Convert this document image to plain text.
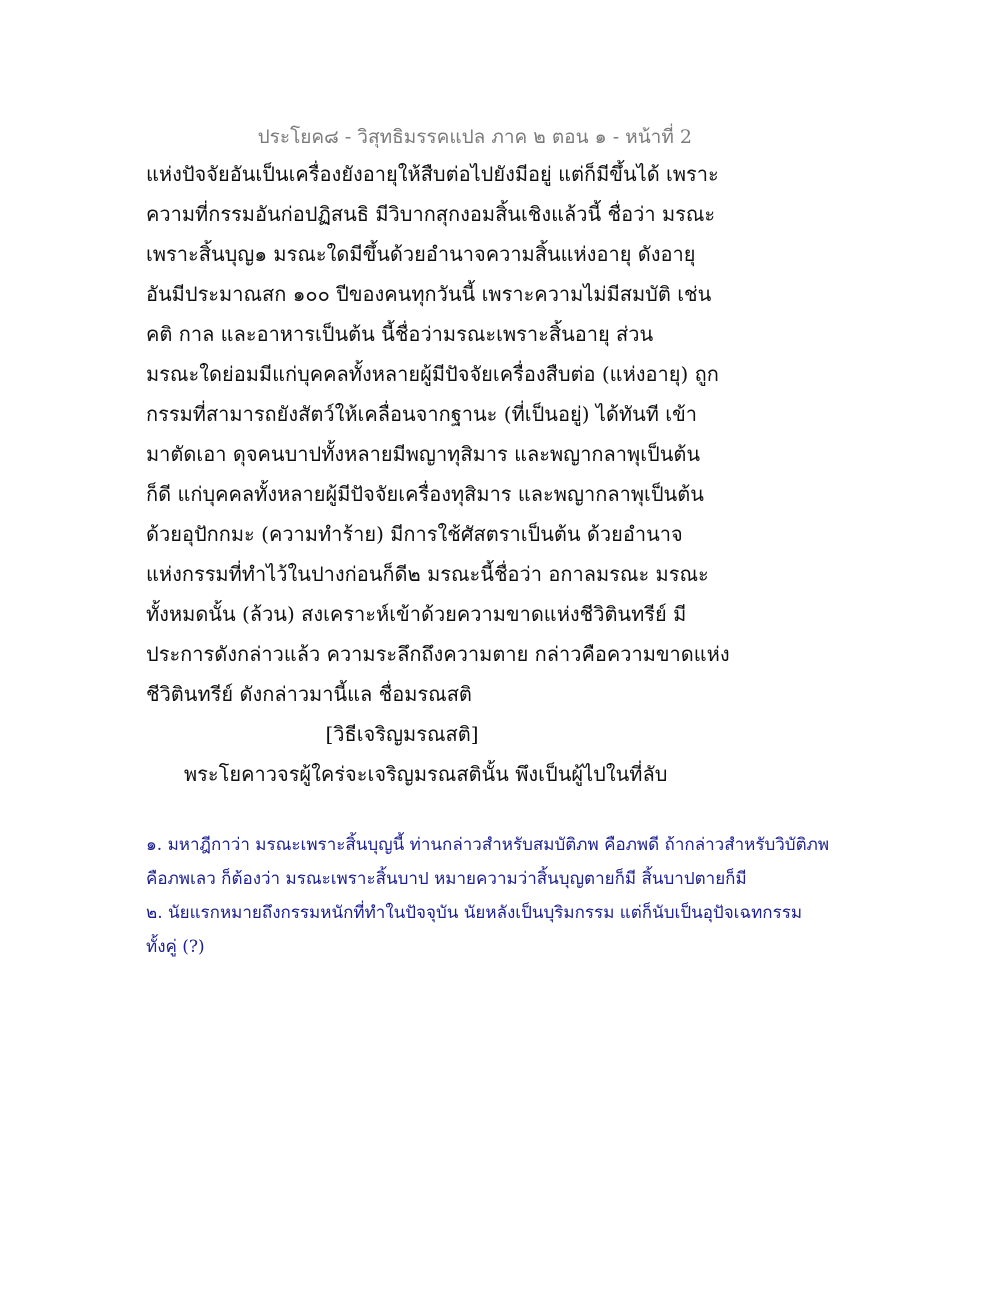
ประโยค๘ - วิสุทธิมรรคแปล ภาค ๒ ตอน ๑ - หน้าที่ 2
แห่งปัจจัยอันเป็นเครื่องยังอายุให้สืบต่อไปยังมีอยู่ แต่ก็มีขึ้นได้ เพราะ
ความที่กรรมอันก่อปฏิสนธิ มีวิบากสุกงอมสิ้นเชิงแล้วนี้ ชื่อว่า มรณะ
เพราะสิ้นบุญ๑ มรณะใดมีขึ้นด้วยอำนาจความสิ้นแห่งอายุ ดังอายุ
อันมีประมาณสก ๑๐๐ ปีของคนทุกวันนี้ เพราะความไม่มีสมบัติ เช่น
คติ กาล และอาหารเป็นต้น นี้ชื่อว่ามรณะเพราะสิ้นอายุ ส่วน
มรณะใดย่อมมีแก่บุคคลทั้งหลายผู้มีปัจจัยเครื่องสืบต่อ (แห่งอายุ) ถูก
กรรมที่สามารถยังสัตว์ให้เคลื่อนจากฐานะ (ที่เป็นอยู่) ได้ทันที เข้า
มาตัดเอา ดุจคนบาปทั้งหลายมีพญาทุสิมาร และพญากลาพุเป็นต้น
ก็ดี แก่บุคคลทั้งหลายผู้มีปัจจัยเครื่องทุสิมาร และพญากลาพุเป็นต้น
ด้วยอุปักกมะ (ความทำร้าย) มีการใช้ศัสตราเป็นต้น ด้วยอำนาจ
แห่งกรรมที่ทำไว้ในปางก่อนก็ดี๒ มรณะนี้ชื่อว่า อกาลมรณะ มรณะ
ทั้งหมดนั้น (ล้วน) สงเคราะห์เข้าด้วยความขาดแห่งชีวิตินทรีย์ มี
ประการดังกล่าวแล้ว ความระลึกถึงความตาย กล่าวคือความขาดแห่ง
ชีวิตินทรีย์ ดังกล่าวมานี้แล ชื่อมรณสติ
[วิธีเจริญมรณสติ]
พระโยคาวจรผู้ใคร่จะเจริญมรณสตินั้น พึงเป็นผู้ไปในที่ลับ
๑. มหาฎีกาว่า มรณะเพราะสิ้นบุญนี้ ท่านกล่าวสำหรับสมบัติภพ คือภพดี ถ้ากล่าวสำหรับวิบัติภพ
คือภพเลว ก็ต้องว่า มรณะเพราะสิ้นบาป หมายความว่าสิ้นบุญตายก็มี สิ้นบาปตายก็มี
๒. นัยแรกหมายถึงกรรมหนักที่ทำในปัจจุบัน นัยหลังเป็นบุริมกรรม แต่ก็นับเป็นอุปัจเฉทกรรม
ทั้งคู่ (?)
